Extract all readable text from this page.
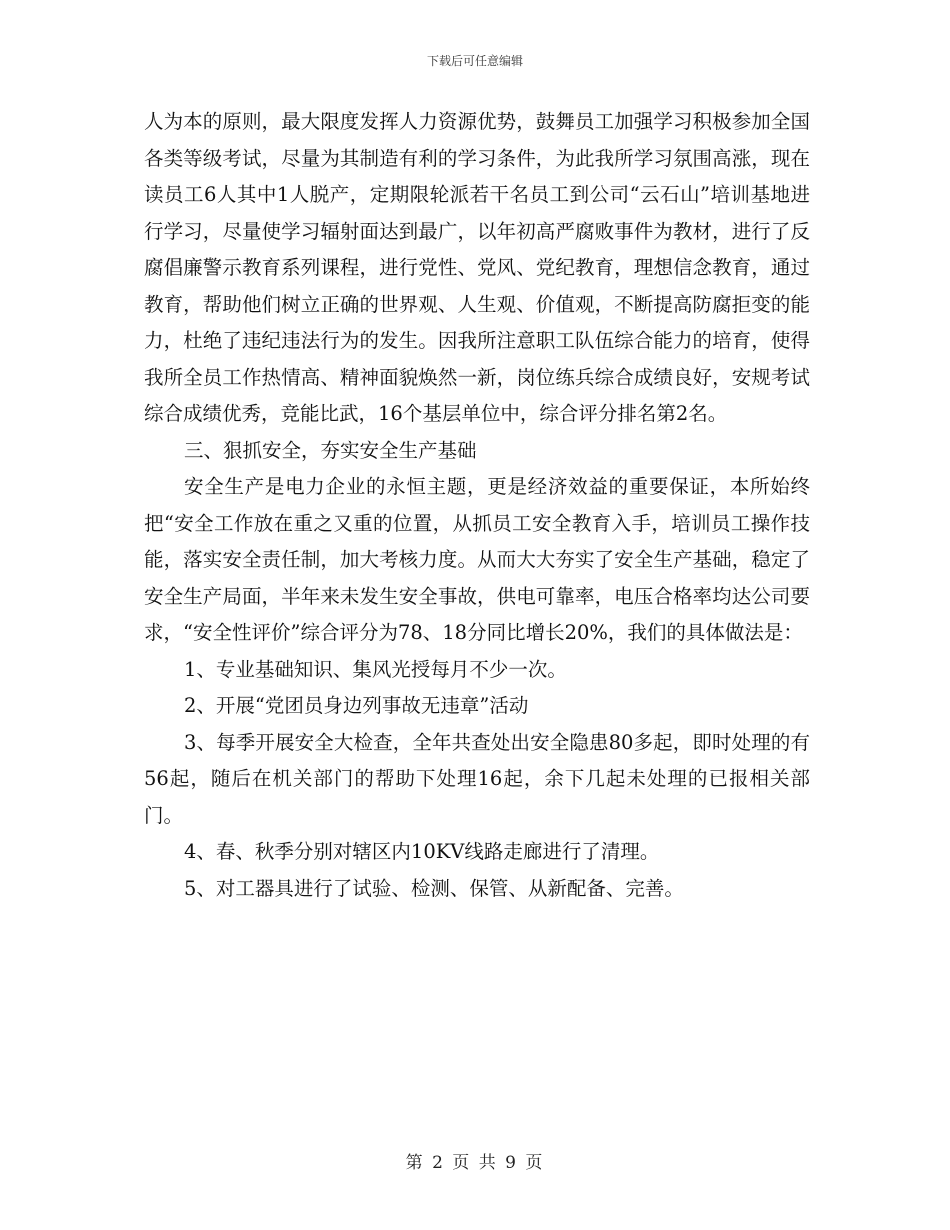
下载后可任意编辑

人为本的原则，最大限度发挥人力资源优势，鼓舞员工加强学习积极参加全国各类等级考试，尽量为其制造有利的学习条件，为此我所学习氛围高涨，现在读员工6人其中1人脱产，定期限轮派若干名员工到公司“云石山”培训基地进行学习，尽量使学习辐射面达到最广，以年初高严腐败事件为教材，进行了反腐倡廉警示教育系列课程，进行党性、党风、党纪教育，理想信念教育，通过教育，帮助他们树立正确的世界观、人生观、价值观，不断提高防腐拒变的能力，杜绝了违纪违法行为的发生。因我所注意职工队伍综合能力的培育，使得我所全员工作热情高、精神面貌焕然一新，岗位练兵综合成绩良好，安规考试综合成绩优秀，竞能比武，16个基层单位中，综合评分排名第2名。

三、狠抓安全，夯实安全生产基础

安全生产是电力企业的永恒主题，更是经济效益的重要保证，本所始终把“安全工作放在重之又重的位置，从抓员工安全教育入手，培训员工操作技能，落实安全责任制，加大考核力度。从而大大夯实了安全生产基础，稳定了安全生产局面，半年来未发生安全事故，供电可靠率，电压合格率均达公司要求，“安全性评价”综合评分为78、18分同比增长20%，我们的具体做法是：

1、专业基础知识、集风光授每月不少一次。

2、开展“党团员身边列事故无违章”活动

3、每季开展安全大检查，全年共查处出安全隐患80多起，即时处理的有56起，随后在机关部门的帮助下处理16起，余下几起未处理的已报相关部门。

4、春、秋季分别对辖区内10KV线路走廊进行了清理。

5、对工器具进行了试验、检测、保管、从新配备、完善。

第 2 页 共 9 页
